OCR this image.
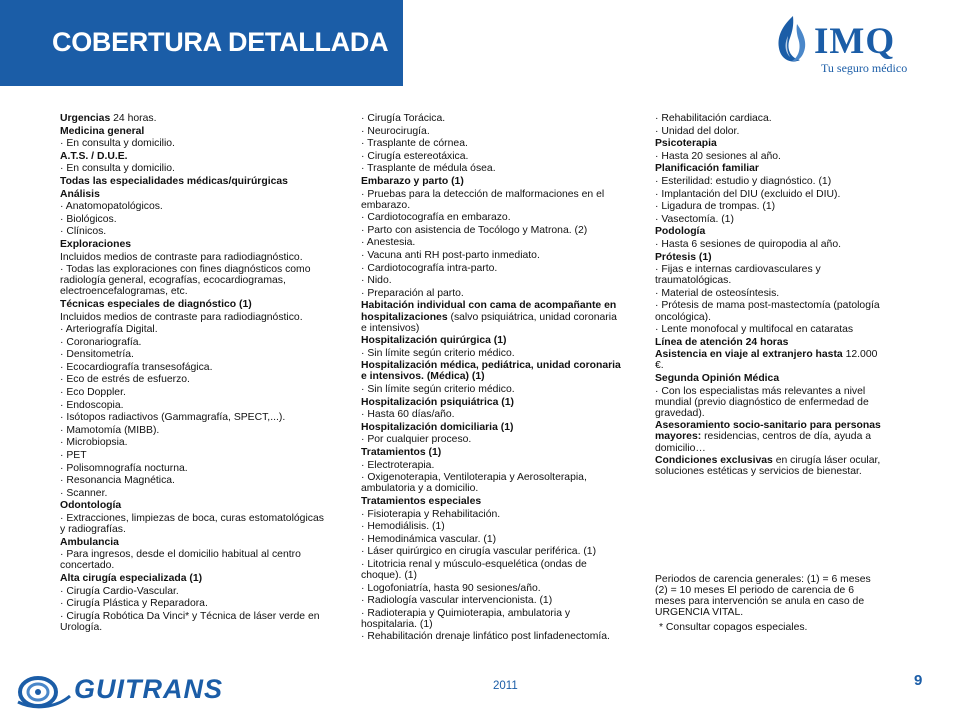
COBERTURA DETALLADA	IMQ
Tu seguro médico
Urgencias 24 horas.
Medicina general
· En consulta y domicilio.
A.T.S. / D.U.E.
· En consulta y domicilio.
Todas las especialidades médicas/quirúrgicas
Análisis
· Anatomopatológicos.
· Biológicos.
· Clínicos.
Exploraciones
Incluidos medios de contraste para radiodiagnóstico.
· Todas las exploraciones con fines diagnósticos como radiología general, ecografías, ecocardiogramas, electroencefalogramas, etc.
Técnicas especiales de diagnóstico (1)
Incluidos medios de contraste para radiodiagnóstico.
· Arteriografía Digital.
· Coronariografía.
· Densitometría.
· Ecocardiografía transesofágica.
· Eco de estrés de esfuerzo.
· Eco Doppler.
· Endoscopia.
· Isótopos radiactivos (Gammagrafía, SPECT,...).
· Mamotomía (MIBB).
· Microbiopsia.
· PET
· Polisomnografía nocturna.
· Resonancia Magnética.
· Scanner.
Odontología
· Extracciones, limpiezas de boca, curas estomatológicas y radiografías.
Ambulancia
· Para ingresos, desde el domicilio habitual al centro concertado.
Alta cirugía especializada (1)
· Cirugía Cardio-Vascular.
· Cirugía Plástica y Reparadora.
· Cirugía Robótica Da Vinci* y Técnica de láser verde en Urología.
· Cirugía Torácica.
· Neurocirugía.
· Trasplante de córnea.
· Cirugía estereotáxica.
· Trasplante de médula ósea.
Embarazo y parto (1)
· Pruebas para la detección de malformaciones en el embarazo.
· Cardiotocografía en embarazo.
· Parto con asistencia de Tocólogo y Matrona. (2)
· Anestesia.
· Vacuna anti RH post-parto inmediato.
· Cardiotocografía intra-parto.
· Nido.
· Preparación al parto.
Habitación individual con cama de acompañante en hospitalizaciones (salvo psiquiátrica, unidad coronaria e intensivos)
Hospitalización quirúrgica (1)
· Sin límite según criterio médico.
Hospitalización médica, pediátrica, unidad coronaria e intensivos. (Médica) (1)
· Sin límite según criterio médico.
Hospitalización psiquiátrica (1)
· Hasta 60 días/año.
Hospitalización domiciliaria (1)
· Por cualquier proceso.
Tratamientos (1)
· Electroterapia.
· Oxigenoterapia, Ventiloterapia y Aerosolterapia, ambulatoria y a domicilio.
Tratamientos especiales
· Fisioterapia y Rehabilitación.
· Hemodiálisis. (1)
· Hemodinámica vascular. (1)
· Láser quirúrgico en cirugía vascular periférica. (1)
· Litotricia renal y músculo-esquelética (ondas de choque). (1)
· Logofoniatría, hasta 90 sesiones/año.
· Radiología vascular intervencionista. (1)
· Radioterapia y Quimioterapia, ambulatoria y hospitalaria. (1)
· Rehabilitación drenaje linfático post linfadenectomía.
· Rehabilitación cardiaca.
· Unidad del dolor.
Psicoterapia
· Hasta 20 sesiones al año.
Planificación familiar
· Esterilidad: estudio y diagnóstico. (1)
· Implantación del DIU (excluido el DIU).
· Ligadura de trompas. (1)
· Vasectomía. (1)
Podología
· Hasta 6 sesiones de quiropodia al año.
Prótesis (1)
· Fijas e internas cardiovasculares y traumatológicas.
· Material de osteosíntesis.
· Prótesis de mama post-mastectomía (patología oncológica).
· Lente monofocal y multifocal en cataratas
Línea de atención 24 horas
Asistencia en viaje al extranjero hasta 12.000 €.
Segunda Opinión Médica
· Con los especialistas más relevantes a nivel mundial (previo diagnóstico de enfermedad de gravedad).
Asesoramiento socio-sanitario para personas mayores: residencias, centros de día, ayuda a domicilio…
Condiciones exclusivas en cirugía láser ocular, soluciones estéticas y servicios de bienestar.
Periodos de carencia generales: (1) = 6 meses (2) = 10 meses El periodo de carencia de 6 meses para intervención se anula en caso de URGENCIA VITAL.
* Consultar copagos especiales.
GUITRANS	2011	9
